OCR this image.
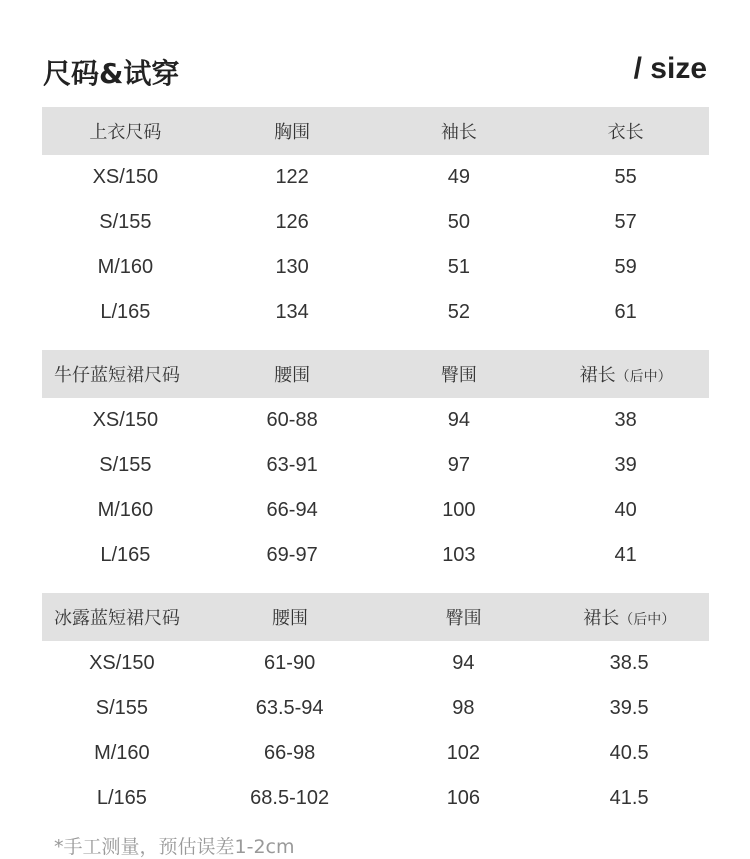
尺码&试穿	/ size
上衣尺码	胸围	袖长	衣长
XS/150	122	49	55
S/155	126	50	57
M/160	130	51	59
L/165	134	52	61
牛仔蓝短裙尺码	腰围	臀围	裙长（后中）
XS/150	60-88	94	38
S/155	63-91	97	39
M/160	66-94	100	40
L/165	69-97	103	41
冰露蓝短裙尺码	腰围	臀围	裙长（后中）
XS/150	61-90	94	38.5
S/155	63.5-94	98	39.5
M/160	66-98	102	40.5
L/165	68.5-102	106	41.5
*手工测量，预估误差1-2cm
